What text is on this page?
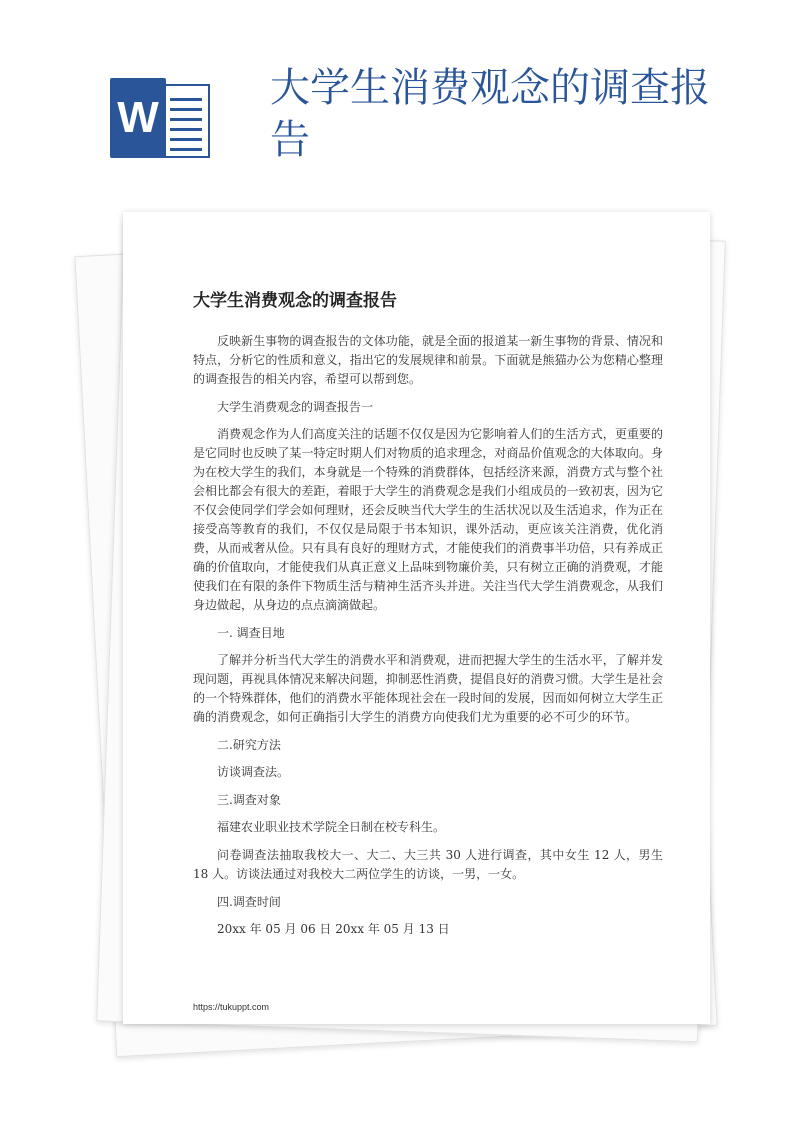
W
大学生消费观念的调查报告
大学生消费观念的调查报告

反映新生事物的调查报告的文体功能，就是全面的报道某一新生事物的背景、情况和特点，分析它的性质和意义，指出它的发展规律和前景。下面就是熊猫办公为您精心整理的调查报告的相关内容，希望可以帮到您。

大学生消费观念的调查报告一

消费观念作为人们高度关注的话题不仅仅是因为它影响着人们的生活方式，更重要的是它同时也反映了某一特定时期人们对物质的追求理念，对商品价值观念的大体取向。身为在校大学生的我们，本身就是一个特殊的消费群体，包括经济来源，消费方式与整个社会相比都会有很大的差距，着眼于大学生的消费观念是我们小组成员的一致初衷，因为它不仅会使同学们学会如何理财，还会反映当代大学生的生活状况以及生活追求，作为正在接受高等教育的我们，不仅仅是局限于书本知识，课外活动，更应该关注消费，优化消费，从而戒奢从俭。只有具有良好的理财方式，才能使我们的消费事半功倍，只有养成正确的价值取向，才能使我们从真正意义上品味到物廉价美，只有树立正确的消费观，才能使我们在有限的条件下物质生活与精神生活齐头并进。关注当代大学生消费观念，从我们身边做起，从身边的点点滴滴做起。

一. 调查目地

了解并分析当代大学生的消费水平和消费观，进而把握大学生的生活水平，了解并发现问题，再视具体情况来解决问题，抑制恶性消费，提倡良好的消费习惯。大学生是社会的一个特殊群体，他们的消费水平能体现社会在一段时间的发展，因而如何树立大学生正确的消费观念，如何正确指引大学生的消费方向使我们尤为重要的必不可少的环节。

二.研究方法

访谈调查法。

三.调查对象

福建农业职业技术学院全日制在校专科生。

问卷调查法抽取我校大一、大二、大三共 30 人进行调查，其中女生 12 人，男生 18 人。访谈法通过对我校大二两位学生的访谈，一男，一女。

四.调查时间

20xx 年 05 月 06 日 20xx 年 05 月 13 日

https://tukuppt.com
